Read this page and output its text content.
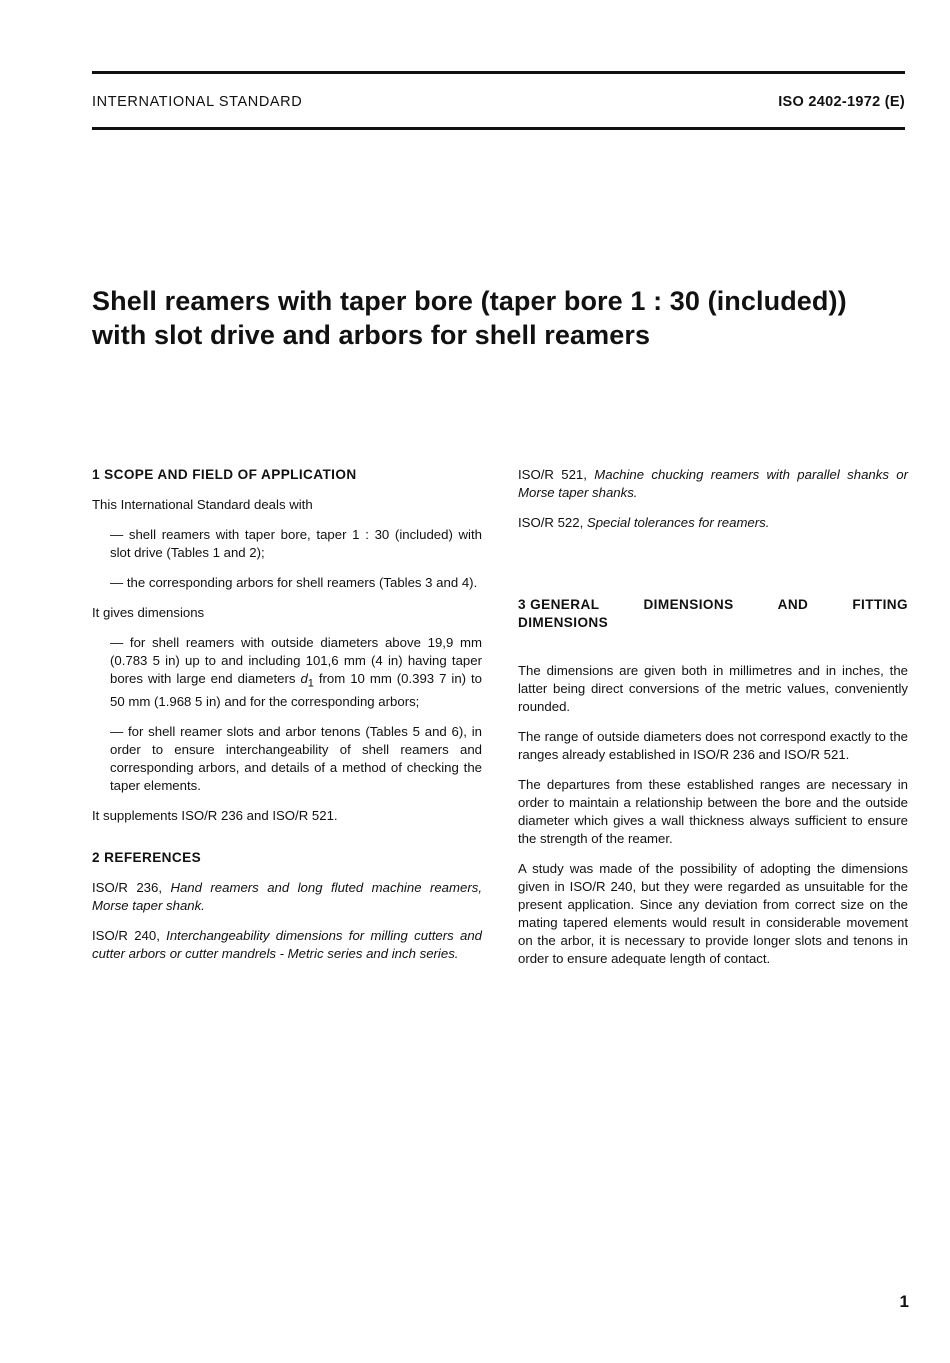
INTERNATIONAL STANDARD	ISO 2402-1972 (E)
Shell reamers with taper bore (taper bore 1 : 30 (included))
with slot drive and arbors for shell reamers
1 SCOPE AND FIELD OF APPLICATION

This International Standard deals with

— shell reamers with taper bore, taper 1 : 30 (included) with slot drive (Tables 1 and 2);

— the corresponding arbors for shell reamers (Tables 3 and 4).

It gives dimensions

— for shell reamers with outside diameters above 19,9 mm (0.783 5 in) up to and including 101,6 mm (4 in) having taper bores with large end diameters $d_1$ from 10 mm (0.393 7 in) to 50 mm (1.968 5 in) and for the corresponding arbors;

— for shell reamer slots and arbor tenons (Tables 5 and 6), in order to ensure interchangeability of shell reamers and corresponding arbors, and details of a method of checking the taper elements.

It supplements ISO/R 236 and ISO/R 521.

2 REFERENCES

ISO/R 236, Hand reamers and long fluted machine reamers, Morse taper shank.

ISO/R 240, Interchangeability dimensions for milling cutters and cutter arbors or cutter mandrels - Metric series and inch series.

ISO/R 521, Machine chucking reamers with parallel shanks or Morse taper shanks.

ISO/R 522, Special tolerances for reamers.

3 GENERAL	DIMENSIONS	AND	FITTING
DIMENSIONS

The dimensions are given both in millimetres and in inches, the latter being direct conversions of the metric values, conveniently rounded.

The range of outside diameters does not correspond exactly to the ranges already established in ISO/R 236 and ISO/R 521.

The departures from these established ranges are necessary in order to maintain a relationship between the bore and the outside diameter which gives a wall thickness always sufficient to ensure the strength of the reamer.

A study was made of the possibility of adopting the dimensions given in ISO/R 240, but they were regarded as unsuitable for the present application. Since any deviation from correct size on the mating tapered elements would result in considerable movement on the arbor, it is necessary to provide longer slots and tenons in order to ensure adequate length of contact.

1
